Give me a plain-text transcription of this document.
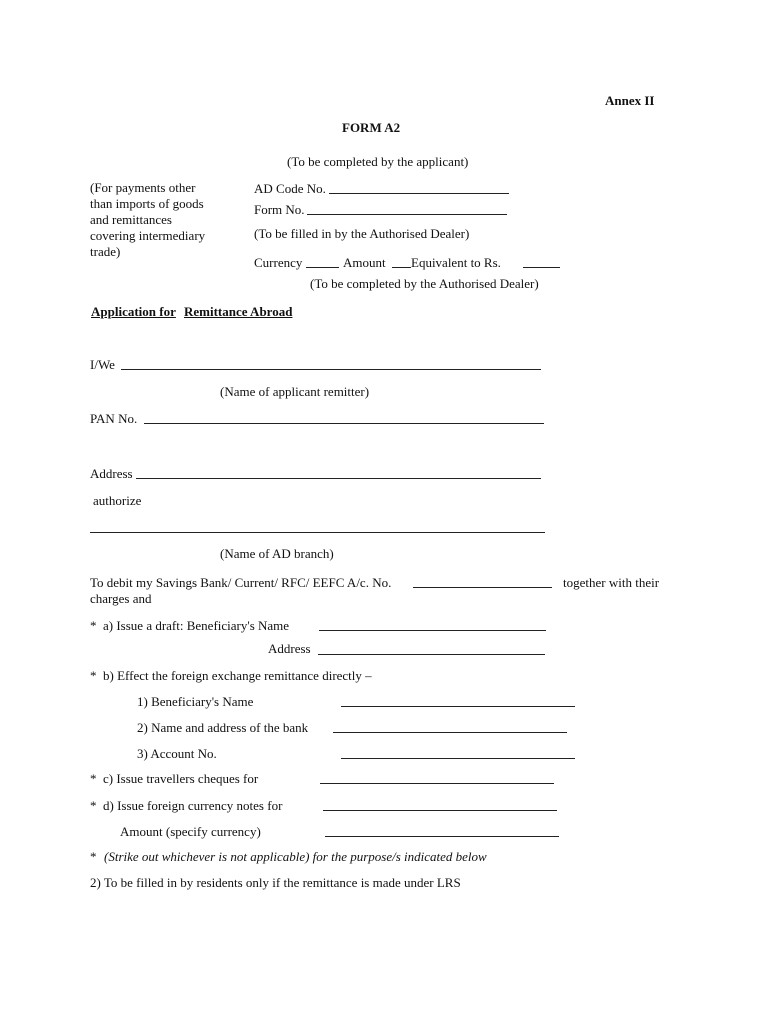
Annex II
FORM A2
(To be completed by the applicant)
(For payments other
than imports of goods
and remittances
covering intermediary
trade)
AD Code No.
Form No.
(To be filled in by the Authorised Dealer)
Currency	Amount Equivalent to Rs.
(To be completed by the Authorised Dealer)
Application for Remittance Abroad
I/We
(Name of applicant remitter)
PAN No.
Address
authorize
(Name of AD branch)
To debit my Savings Bank/ Current/ RFC/ EEFC A/c. No.	together with their
charges and
* a) Issue a draft: Beneficiary's Name
Address
* b) Effect the foreign exchange remittance directly –
1) Beneficiary's Name
2) Name and address of the bank
3) Account No.
* c) Issue travellers cheques for
* d) Issue foreign currency notes for
Amount (specify currency)
* (Strike out whichever is not applicable) for the purpose/s indicated below
2) To be filled in by residents only if the remittance is made under LRS
